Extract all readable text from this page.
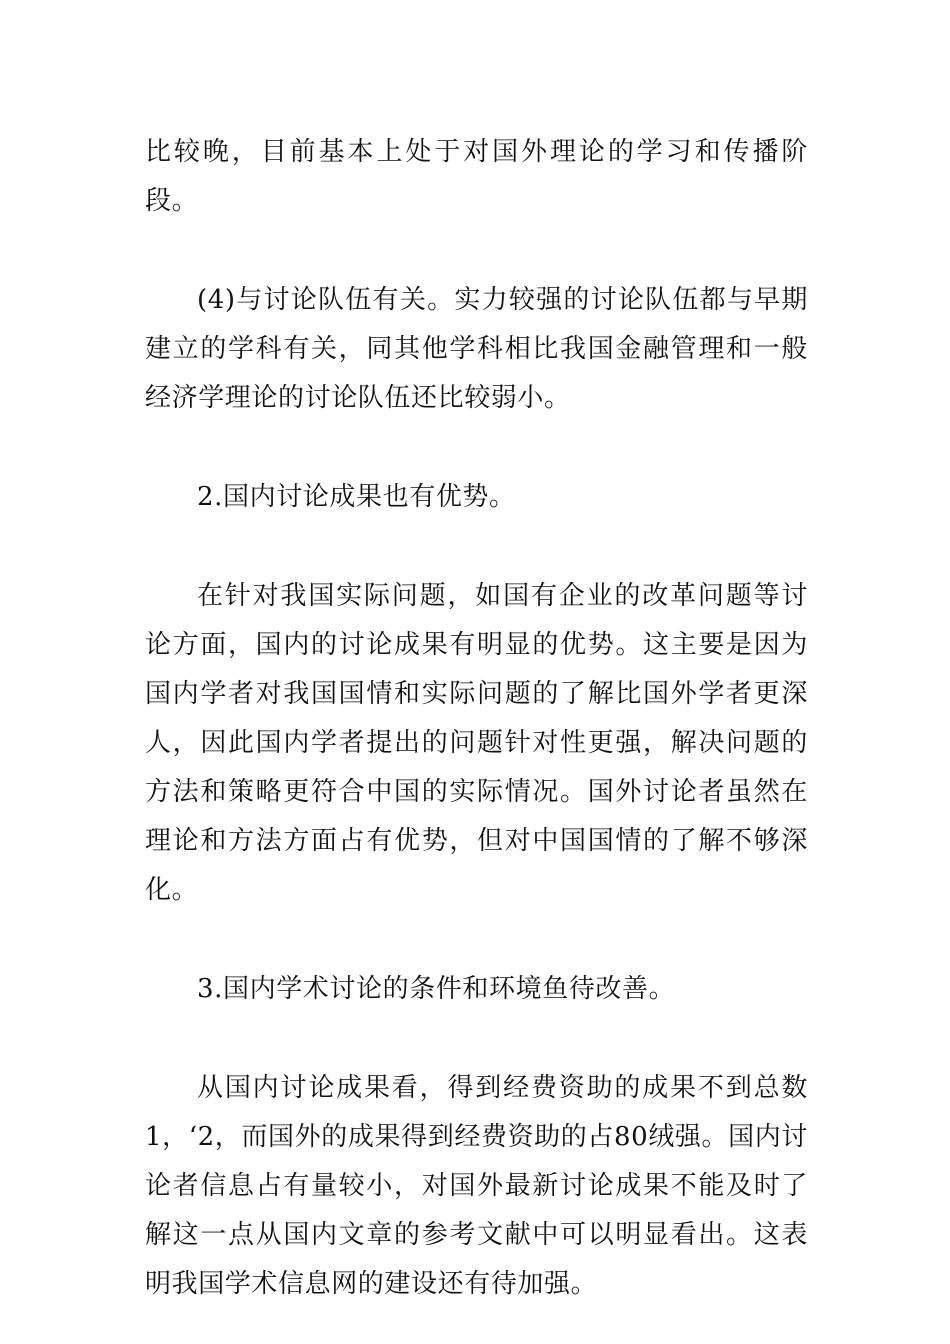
比较晚，目前基本上处于对国外理论的学习和传播阶段。

(4)与讨论队伍有关。实力较强的讨论队伍都与早期建立的学科有关，同其他学科相比我国金融管理和一般经济学理论的讨论队伍还比较弱小。

2.国内讨论成果也有优势。

在针对我国实际问题，如国有企业的改革问题等讨论方面，国内的讨论成果有明显的优势。这主要是因为国内学者对我国国情和实际问题的了解比国外学者更深人，因此国内学者提出的问题针对性更强，解决问题的方法和策略更符合中国的实际情况。国外讨论者虽然在理论和方法方面占有优势，但对中国国情的了解不够深化。

3.国内学术讨论的条件和环境鱼待改善。

从国内讨论成果看，得到经费资助的成果不到总数1，‘2，而国外的成果得到经费资助的占80绒强。国内讨论者信息占有量较小，对国外最新讨论成果不能及时了解这一点从国内文章的参考文献中可以明显看出。这表明我国学术信息网的建设还有待加强。
